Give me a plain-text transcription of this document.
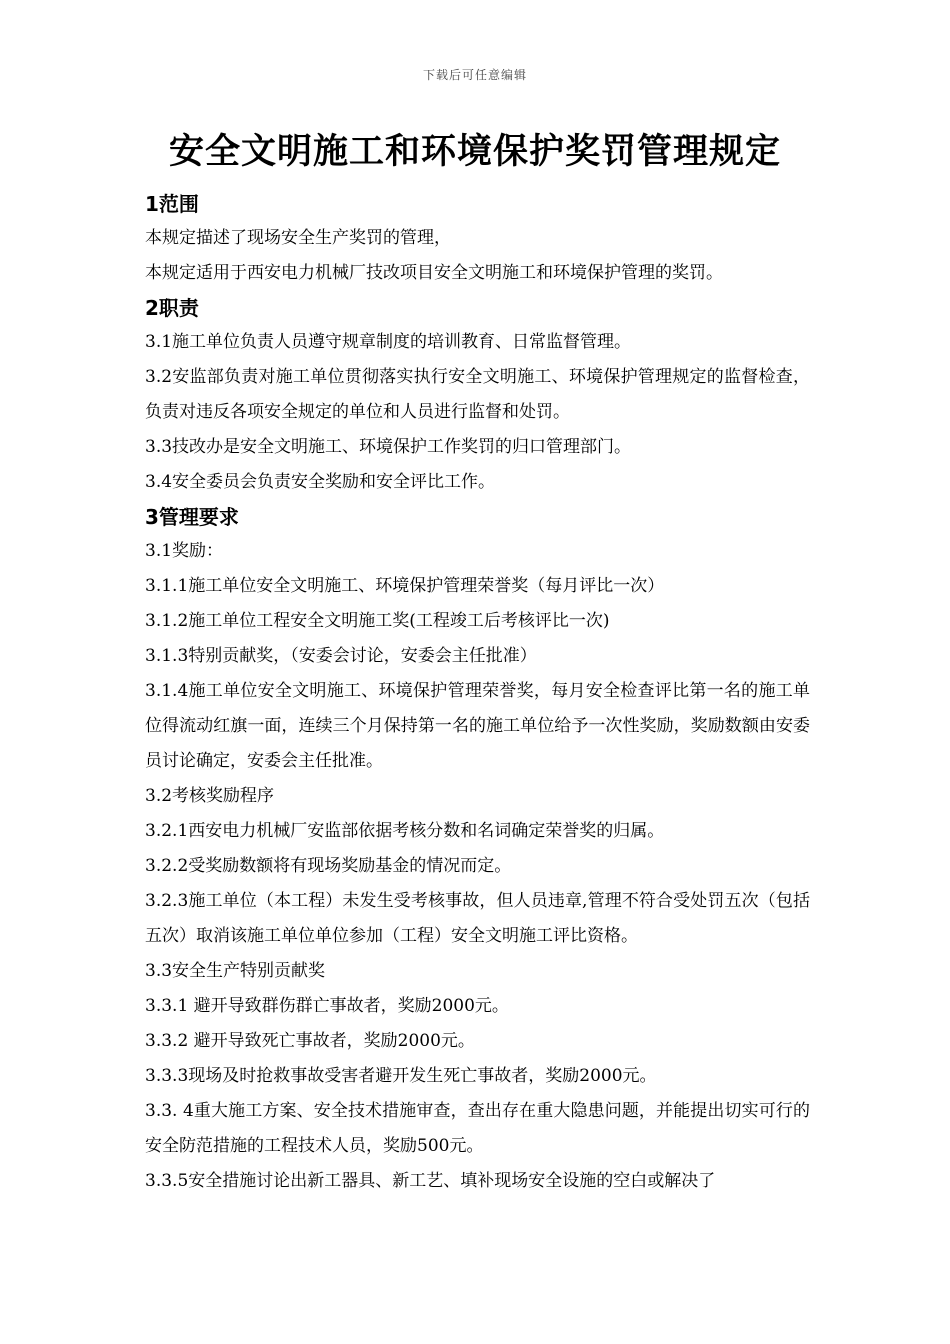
下载后可任意编辑
安全文明施工和环境保护奖罚管理规定
1范围
本规定描述了现场安全生产奖罚的管理，
本规定适用于西安电力机械厂技改项目安全文明施工和环境保护管理的奖罚。
2职责
3.1施工单位负责人员遵守规章制度的培训教育、日常监督管理。
3.2安监部负责对施工单位贯彻落实执行安全文明施工、环境保护管理规定的监督检查，负责对违反各项安全规定的单位和人员进行监督和处罚。
3.3技改办是安全文明施工、环境保护工作奖罚的归口管理部门。
3.4安全委员会负责安全奖励和安全评比工作。
3管理要求
3.1奖励：
3.1.1施工单位安全文明施工、环境保护管理荣誉奖（每月评比一次）
3.1.2施工单位工程安全文明施工奖(工程竣工后考核评比一次)
3.1.3特别贡献奖，（安委会讨论，安委会主任批准）
3.1.4施工单位安全文明施工、环境保护管理荣誉奖，每月安全检查评比第一名的施工单位得流动红旗一面，连续三个月保持第一名的施工单位给予一次性奖励，奖励数额由安委员讨论确定，安委会主任批准。
3.2考核奖励程序
3.2.1西安电力机械厂安监部依据考核分数和名词确定荣誉奖的归属。
3.2.2受奖励数额将有现场奖励基金的情况而定。
3.2.3施工单位（本工程）未发生受考核事故，但人员违章,管理不符合受处罚五次（包括五次）取消该施工单位单位参加（工程）安全文明施工评比资格。
3.3安全生产特别贡献奖
3.3.1 避开导致群伤群亡事故者，奖励2000元。
3.3.2 避开导致死亡事故者，奖励2000元。
3.3.3现场及时抢救事故受害者避开发生死亡事故者，奖励2000元。
3.3. 4重大施工方案、安全技术措施审查，查出存在重大隐患问题，并能提出切实可行的安全防范措施的工程技术人员，奖励500元。
3.3.5安全措施讨论出新工器具、新工艺、填补现场安全设施的空白或解决了
